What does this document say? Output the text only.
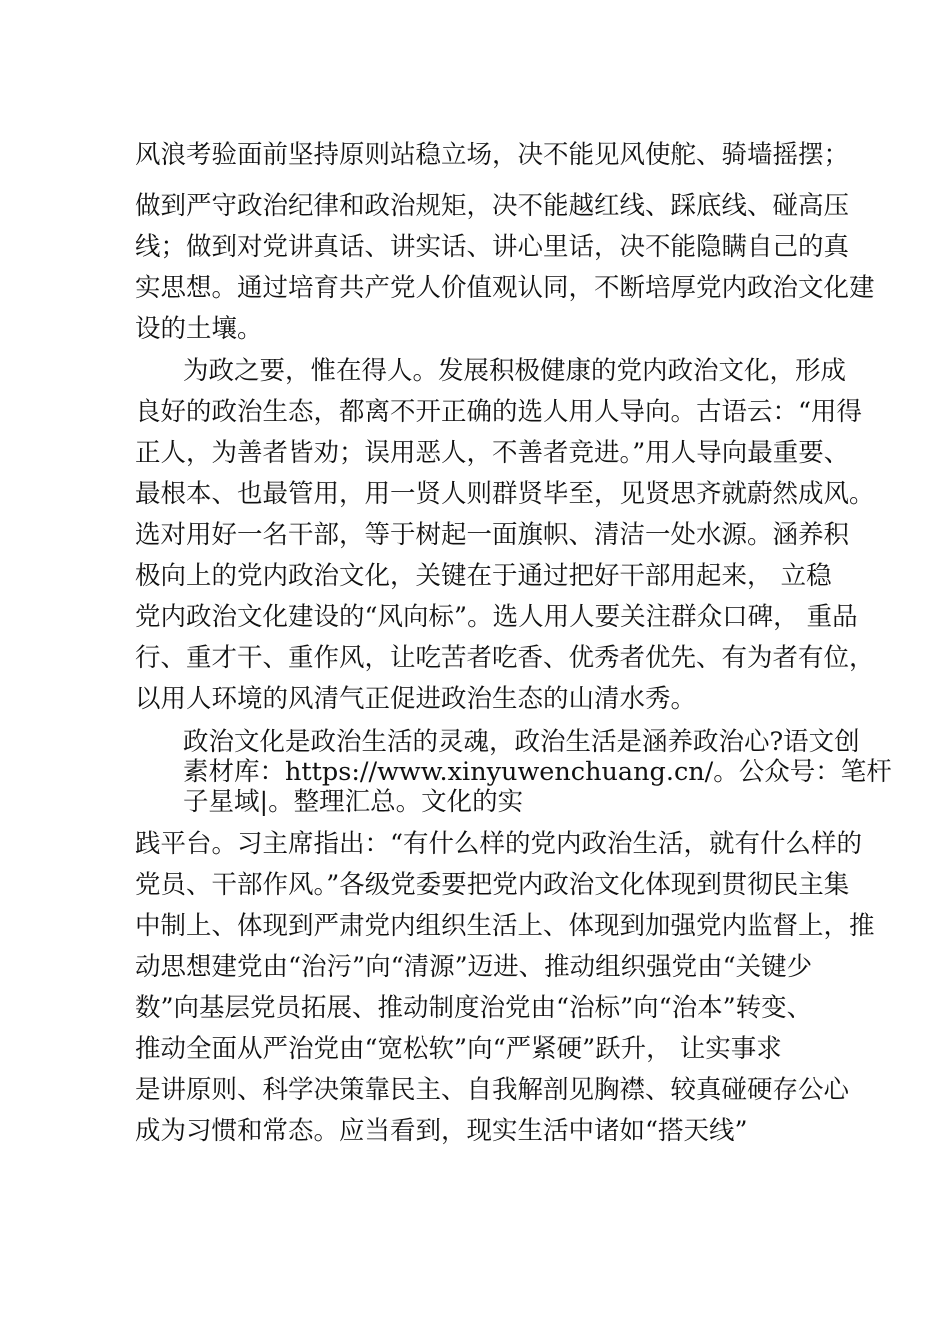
风浪考验面前坚持原则站稳立场，决不能见风使舵、骑墙摇摆；

做到严守政治纪律和政治规矩，决不能越红线、踩底线、碰高压

线；做到对党讲真话、讲实话、讲心里话，决不能隐瞒自己的真

实思想。通过培育共产党人价值观认同，不断培厚党内政治文化建

设的土壤。

为政之要，惟在得人。发展积极健康的党内政治文化，形成

良好的政治生态，都离不开正确的选人用人导向。古语云：“用得

正人，为善者皆劝；误用恶人，不善者竞进。”用人导向最重要、

最根本、也最管用，用一贤人则群贤毕至，见贤思齐就蔚然成风。

选对用好一名干部，等于树起一面旗帜、清洁一处水源。涵养积

极向上的党内政治文化，关键在于通过把好干部用起来， 立稳

党内政治文化建设的“风向标”。选人用人要关注群众口碑， 重品

行、重才干、重作风，让吃苦者吃香、优秀者优先、有为者有位，

以用人环境的风清气正促进政治生态的山清水秀。

政治文化是政治生活的灵魂，政治生活是涵养政治心?语文创

素材库：https://www.xinyuwenchuang.cn/。公众号：笔杆

子星域|。整理汇总。文化的实

践平台。习主席指出：“有什么样的党内政治生活，就有什么样的

党员、干部作风。”各级党委要把党内政治文化体现到贯彻民主集

中制上、体现到严肃党内组织生活上、体现到加强党内监督上，推

动思想建党由“治污”向“清源”迈进、推动组织强党由“关键少

数”向基层党员拓展、推动制度治党由“治标”向“治本”转变、

推动全面从严治党由“宽松软”向“严紧硬”跃升， 让实事求

是讲原则、科学决策靠民主、自我解剖见胸襟、较真碰硬存公心

成为习惯和常态。应当看到，现实生活中诸如“搭天线”
